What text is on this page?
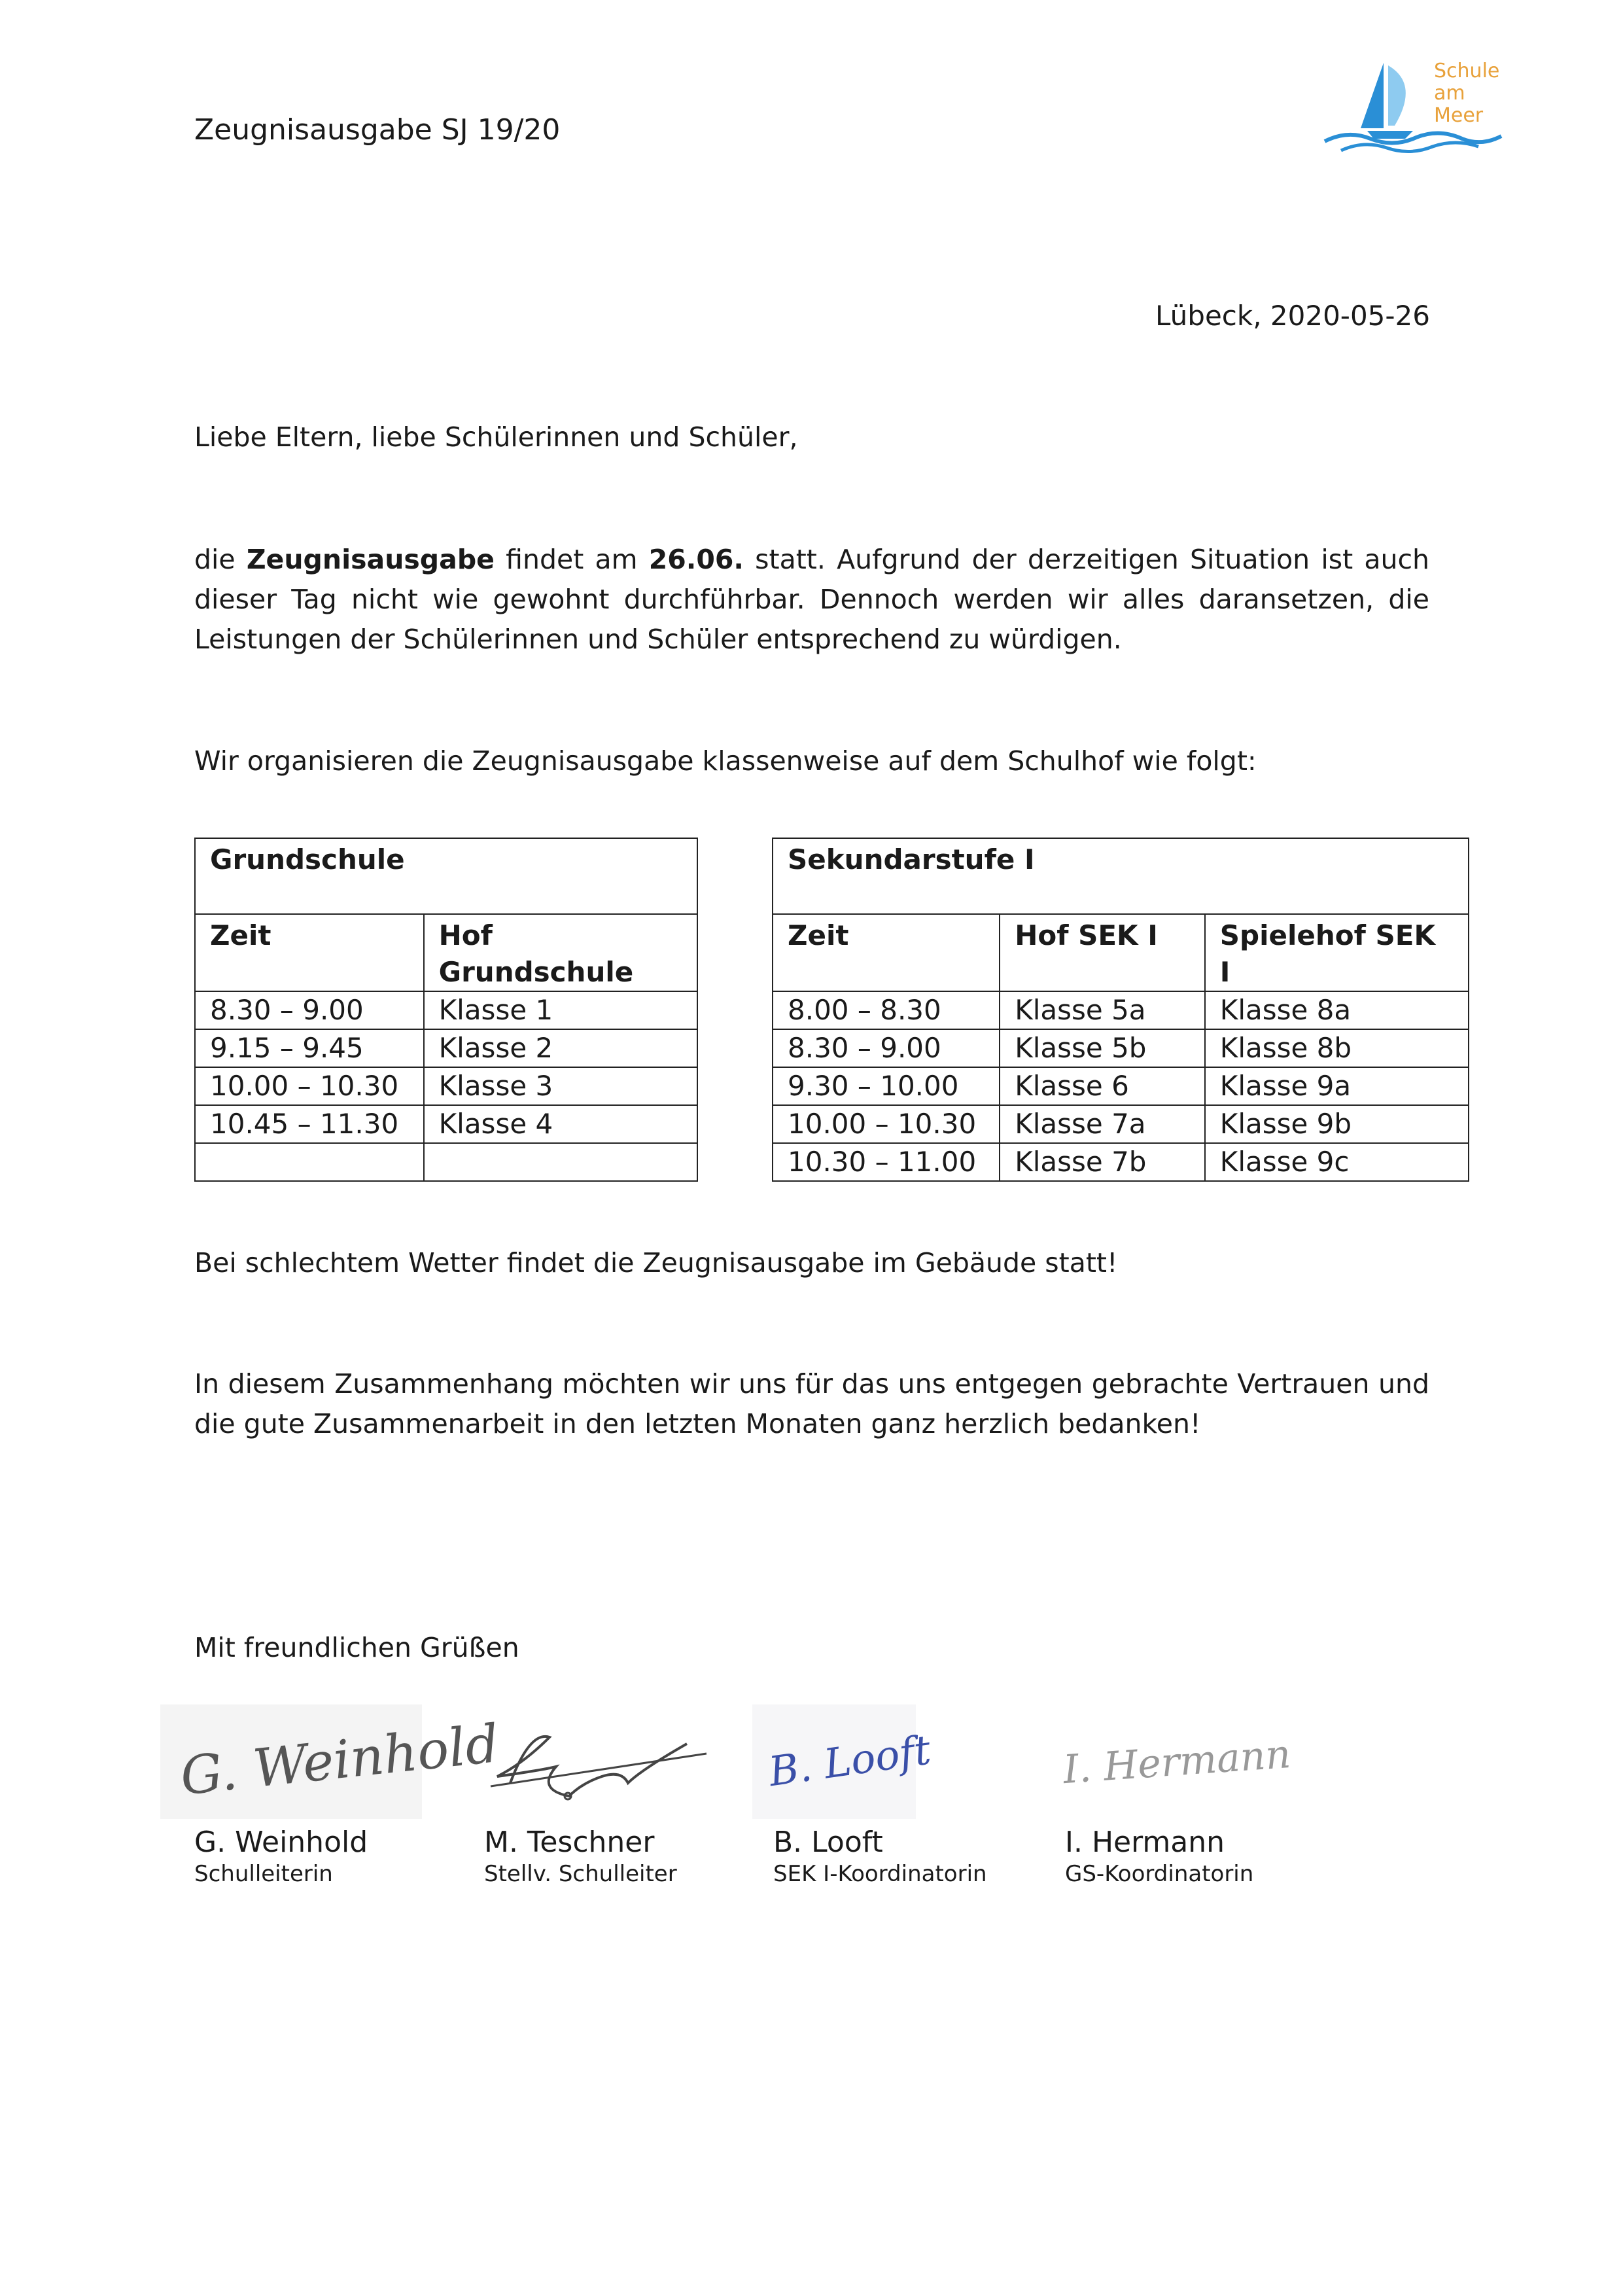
Zeugnisausgabe SJ 19/20
Schule
am Meer
Lübeck, 2020-05-26
Liebe Eltern, liebe Schülerinnen und Schüler,
die Zeugnisausgabe findet am 26.06. statt. Aufgrund der derzeitigen Situation ist auch dieser Tag nicht wie gewohnt durchführbar. Dennoch werden wir alles daransetzen, die Leistungen der Schülerinnen und Schüler entsprechend zu würdigen.
Wir organisieren die Zeugnisausgabe klassenweise auf dem Schulhof wie folgt:
Grundschule	
Zeit	Hof Grundschule
8.30 – 9.00	Klasse 1
9.15 – 9.45	Klasse 2
10.00 – 10.30	Klasse 3
10.45 – 11.30	Klasse 4

Sekundarstufe I		
Zeit	Hof SEK I	Spielehof SEK I
8.00 – 8.30	Klasse 5a	Klasse 8a
8.30 – 9.00	Klasse 5b	Klasse 8b
9.30 – 10.00	Klasse 6	Klasse 9a
10.00 – 10.30	Klasse 7a	Klasse 9b
10.30 – 11.00	Klasse 7b	Klasse 9c
Bei schlechtem Wetter findet die Zeugnisausgabe im Gebäude statt!
In diesem Zusammenhang möchten wir uns für das uns entgegen gebrachte Vertrauen und die gute Zusammenarbeit in den letzten Monaten ganz herzlich bedanken!
Mit freundlichen Grüßen
G. Weinhold
G. Weinhold
Schulleiterin
M. Teschner
Stellv. Schulleiter
B. Looft
B. Looft
SEK I-Koordinatorin
I. Hermann
I. Hermann
GS-Koordinatorin
